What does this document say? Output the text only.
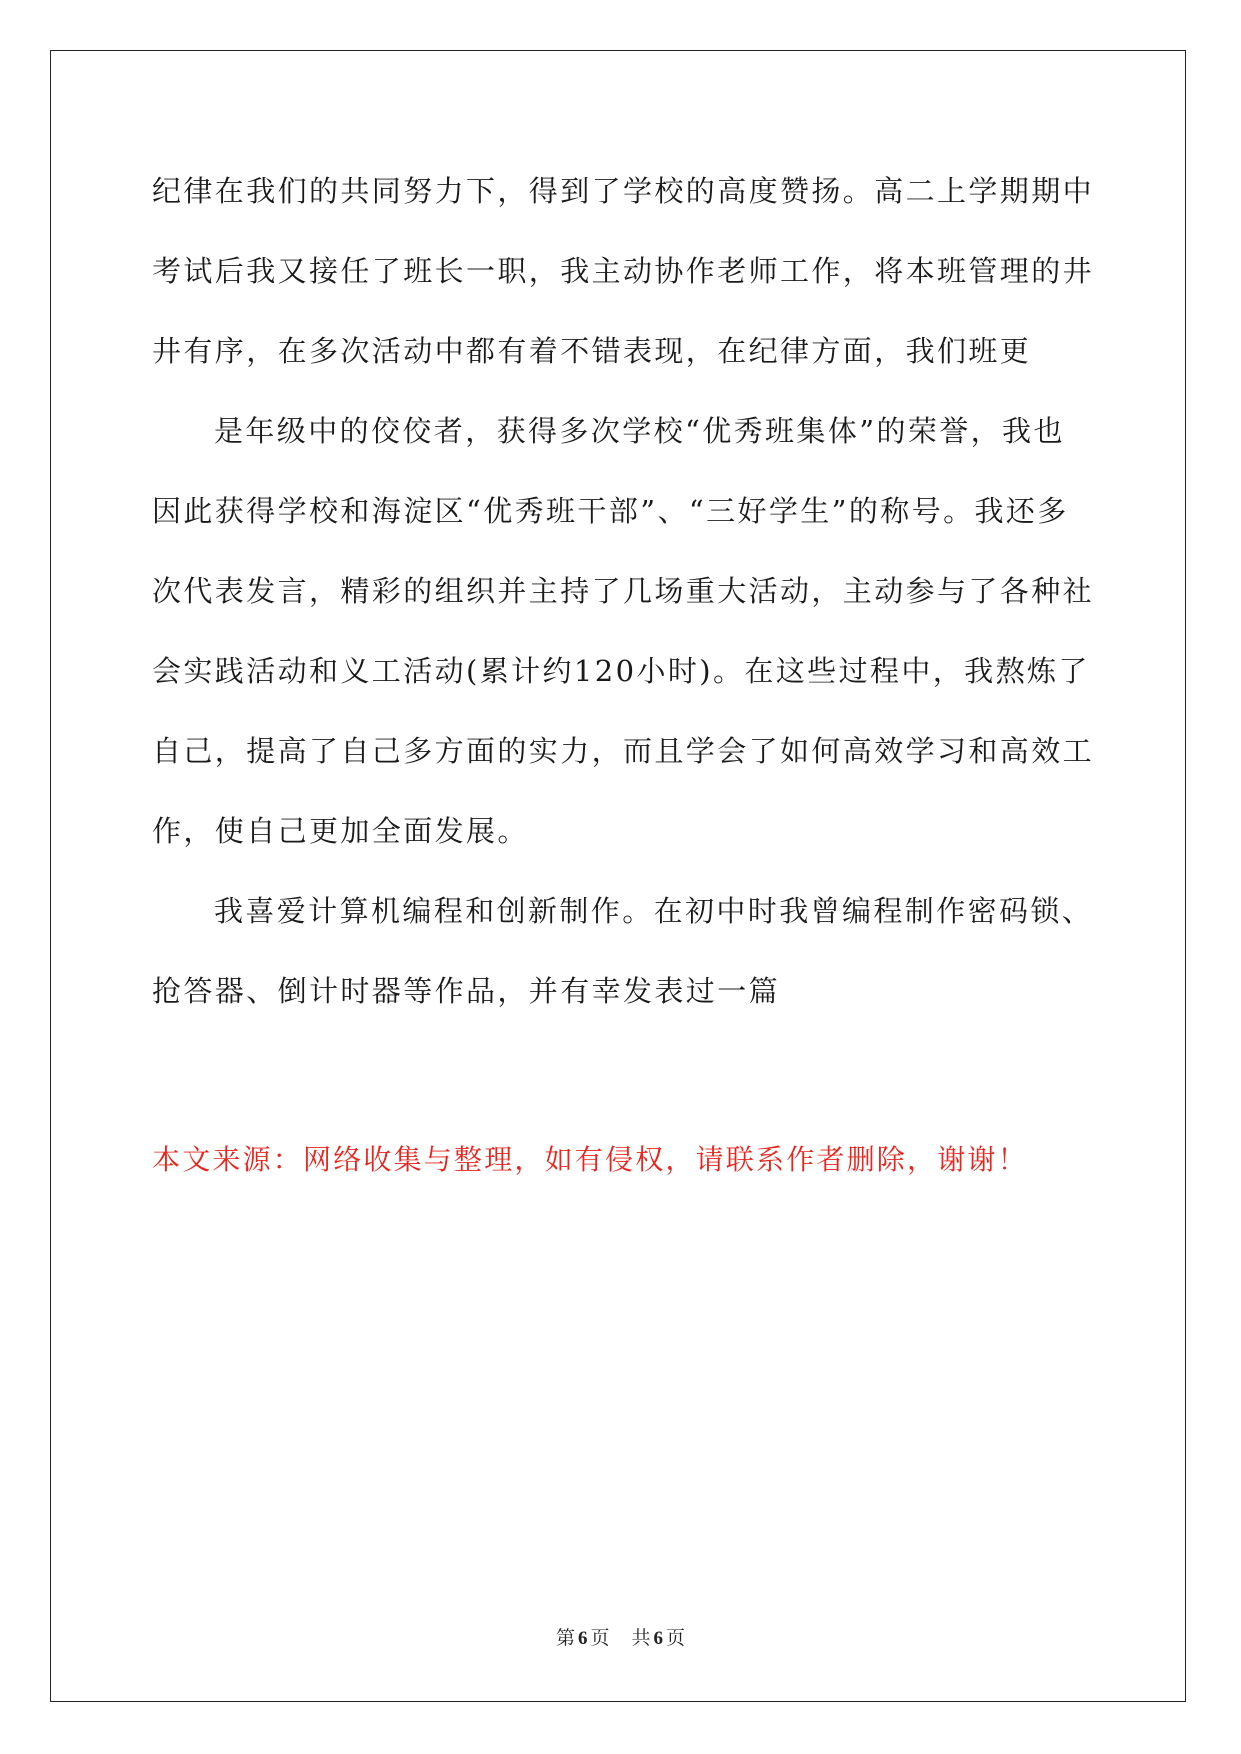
纪律在我们的共同努力下，得到了学校的高度赞扬。高二上学期期中
考试后我又接任了班长一职，我主动协作老师工作，将本班管理的井
井有序，在多次活动中都有着不错表现，在纪律方面，我们班更
是年级中的佼佼者，获得多次学校“优秀班集体”的荣誉，我也
因此获得学校和海淀区“优秀班干部”、“三好学生”的称号。我还多
次代表发言，精彩的组织并主持了几场重大活动，主动参与了各种社
会实践活动和义工活动(累计约120小时)。在这些过程中，我熬炼了
自己，提高了自己多方面的实力，而且学会了如何高效学习和高效工
作，使自己更加全面发展。
我喜爱计算机编程和创新制作。在初中时我曾编程制作密码锁、
抢答器、倒计时器等作品，并有幸发表过一篇
本文来源：网络收集与整理，如有侵权，请联系作者删除，谢谢！
第 6 页 共 6 页
